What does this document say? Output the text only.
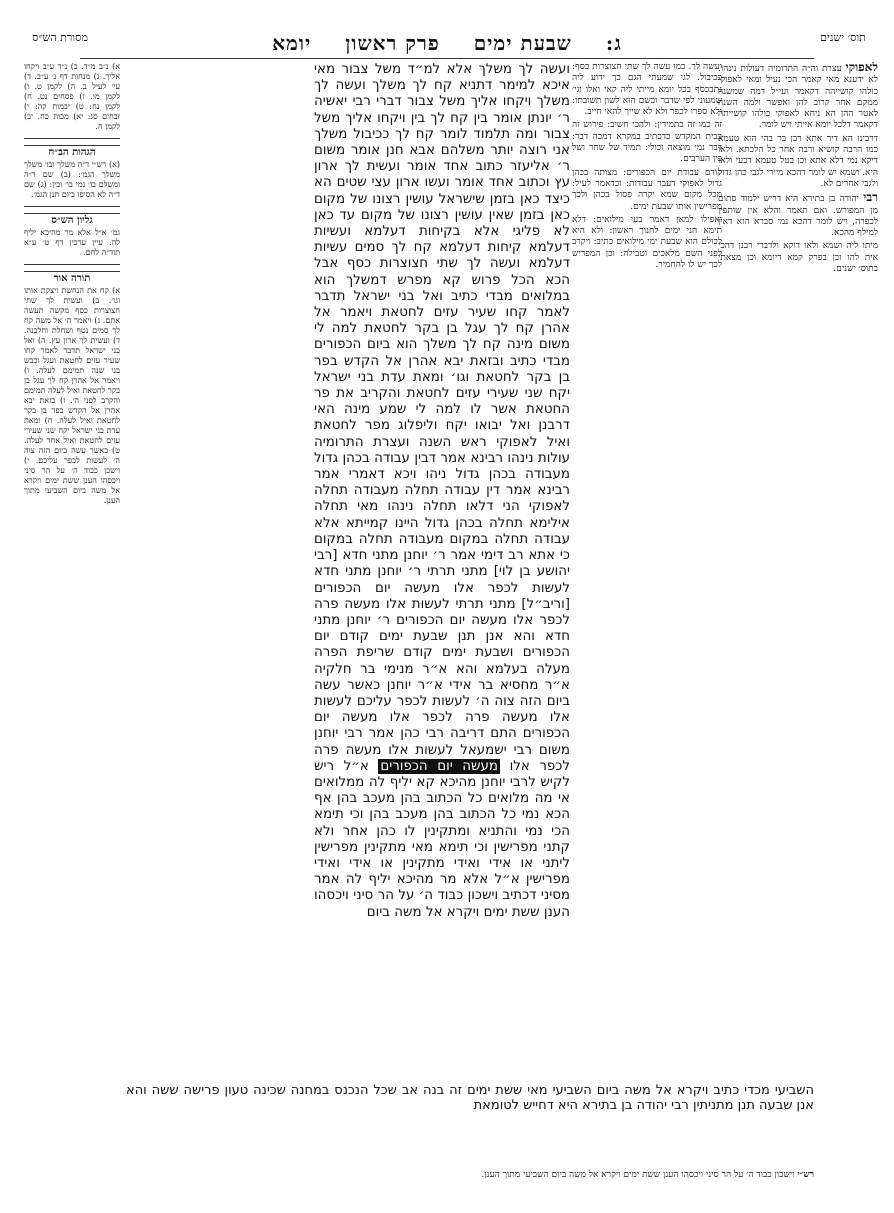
תוס׳ ישנים
ג:
שבעת ימים
פרק ראשון
יומא
מסורת הש״ס

לאפוקי עצרת וה״ה התרומיה דעולות נינהו. לא ידענא מאי קאמר הכי נעיל ומאי לאפוקי כולהו קושייהה דקאמר ועי״ל דמה שמשנה ממקם אחר קרוב להן ואפשר ולמה השנה לאטר ההן הא ניחא לאפוקי כולהו קושייתה דקאמר דלכל יומא אייתי ויש לומר.

דרבינו הא דיר אתא רבן בר בהי הוא טעמא כמו הרבה קושיא ורבה אחר כל הלכתא. ולאו דיקא נמי דלא אתא וכן בטל טעמא דבעי ולאו היא. ושמא יש לומר דהכא מיירי לגבי כהן גדול ולגבי אחרים לא.

רבי יהודה בן בתירא היא דריש ילמוד סתום מן המפורש. ואם תאמר והלא אין שותפין לכפרה, ויש לומר דהכא נמי סברא הוא דאין למילף מהכא.

מיתו ליה ושמא ולאו דוקא ולדברי רבנן דהכי אית להו וכן בפרק קמא דיומא וכן מצאתי בתוס׳ ישנים.

ועשה לך. כמו עשה לך שתי חצוצרות כסף: ככיבול. לגי שמעתי הגם כך ידוע ליה נתבכסף בכל יומא מייתי ליה קאי ואלו וגי׳ שמעוני לפי שדבר ובשם הוא לשון תשובתו: ולא ספרו לכפר ולא לא שייך להאי חייב.

זה כמו זה בתמידין: ולהכי חשיב: פירוש זה בבית המקדש כדכתיב במקרא דמכה דבר: דבר נמי מוצאה וכולי: תמיד של שחר ושל בין הערבים.

קודם עבודת יום הכפורים: מצותה בכהן גדול לאפוקי דעבר עבודות: וכדאמר לעיל: מכל מקום שמא יקרה פסול בכהן ולכך מפרישין אותו שבעת ימים.

ואפילו למאן דאמר בעי מילואים: דלא תימא הני ימים לחנוך ראשון: ולא היא לכולם הוא שבעת ימי מילואים כתיב: ויקרב לפני השם מלאכים וטבילה: וכן המפריש לכך יש לו להחמיר.

ועשה לך משלך אלא למ״ד משל צבור מאי איכא למימר דתניא קח לך משלך ועשה לך משלך ויקחו אליך משל צבור דברי רבי יאשיה ר׳ יונתן אומר בין קח לך בין ויקחו אליך משל צבור ומה תלמוד לומר קח לך ככיבול משלך אני רוצה יותר משלהם אבא חנן אומר משום ר׳ אליעזר כתוב אחד אומר ועשית לך ארון עץ וכתוב אחד אומר ועשו ארון עצי שטים הא כיצד כאן בזמן שישראל עושין רצונו של מקום כאן בזמן שאין עושין רצונו של מקום עד כאן לא פליגי אלא בקיחות דעלמא ועשיות דעלמא קיחות דעלמא קח לך סמים עשיות דעלמא ועשה לך שתי חצוצרות כסף אבל הכא הכל פרוש קא מפרש דמשלך הוא במלואים מבדי כתיב ואל בני ישראל תדבר לאמר קחו שעיר עזים לחטאת ויאמר אל אהרן קח לך עגל בן בקר לחטאת למה לי משום מינה קח לך משלך הוא ביום הכפורים מבדי כתיב ובזאת יבא אהרן אל הקדש בפר בן בקר לחטאת וגו׳ ומאת עדת בני ישראל יקח שני שעירי עזים לחטאת והקריב את פר החטאת אשר לו למה לי שמע מינה האי דרבנן ואל יבואו יקח וליפלוג מפר לחטאת ואיל לאפוקי ראש השנה ועצרת התרומיה עולות נינהו רבינא אמר דבין עבודה בכהן גדול מעבודה בכהן גדול ניהו ויכא דאמרי אמר רבינא אמר דין עבודה תחלה מעבודה תחלה לאפוקי הני דלאו תחלה נינהו מאי תחלה אילימא תחלה בכהן גדול היינו קמייתא אלא עבודה תחלה במקום מעבודה תחלה במקום כי אתא רב דימי אמר ר׳ יוחנן מתני חדא [רבי יהושע בן לוי] מתני תרתי ר׳ יוחנן מתני חדא לעשות לכפר אלו מעשה יום הכפורים [וריב״ל] מתני תרתי לעשות אלו מעשה פרה לכפר אלו מעשה יום הכפורים ר׳ יוחנן מתני חדא והא אנן תנן שבעת ימים קודם יום הכפורים ושבעת ימים קודם שריפת הפרה מעלה בעלמא והא א״ר מנימי בר חלקיה א״ר מחסיא בר אידי א״ר יוחנן כאשר עשה ביום הזה צוה ה׳ לעשות לכפר עליכם לעשות אלו מעשה פרה לכפר אלו מעשה יום הכפורים התם דריבה רבי כהן אמר רבי יוחנן משום רבי ישמעאל לעשות אלו מעשה פרה לכפר אלו מעשה יום הכפורים א״ל ריש לקיש לרבי יוחנן מהיכא קא יליף לה ממלואים אי מה מלואים כל הכתוב בהן מעכב בהן אף הכא נמי כל הכתוב בהן מעכב בהן וכי תימא הכי נמי והתניא ומתקינין לו כהן אחר ולא קתני מפרישין וכי תימא מאי מתקינין מפרישין ליתני או אידי ואידי מתקינין או אידי ואידי מפרישין א״ל אלא מר מהיכא יליף לה אמר מסיני דכתיב וישכון כבוד ה׳ על הר סיני ויכסהו הענן ששת ימים ויקרא אל משה ביום

א) נ״ב מ״ד. ב) נ״ד ע״ב ויקחו אליך. ג) מנחות דף נ׳ ע״ב. ד) עי׳ לעיל ב. ה) לקמן ט. ו) לקמן מו. ז) פסחים נט. ח) לקמן נח: ט) יבמות קה: י) זבחים סג: יא) מכות כח. יב) לקמן ח.

הגהות הב״ח

(א) רש״י ד״ה משלך ובו׳ משלך משלך הגמ׳: (ב) שם ד״ה ומשלם בו׳ נמי בו׳ ובין: (ג) שם ד״ה לא הסיפו ביום תנן הגמ׳.

גליון הש״ס

גמ׳ א״ל אלא מר מהיכא יליף לה. עיין ערכין דף ט׳ ע״א תוד״ה לחם.

תורה אור

א) קח את הנחשת ויצקת אותו וגו׳. ב) ועשית לך שתי חצוצרות כסף מקשה תעשה אתם. ג) ויאמר ה׳ אל משה קח לך סמים נטף ושחלת וחלבנה. ד) ועשית לך ארון עץ. ה) ואל בני ישראל תדבר לאמר קחו שעיר עזים לחטאת ועגל וכבש בני שנה תמימם לעלה. ו) ויאמר אל אהרן קח לך עגל בן בקר לחטאת ואיל לעלה תמימם והקרב לפני ה׳. ז) בזאת יבא אהרן אל הקדש בפר בן בקר לחטאת ואיל לעלה. ח) ומאת עדת בני ישראל יקח שני שעירי עזים לחטאת ואיל אחד לעלה. ט) כאשר עשה ביום הזה צוה ה׳ לעשות לכפר עליכם. י) וישכן כבוד ה׳ על הר סיני ויכסהו הענן ששת ימים ויקרא אל משה ביום השביעי מתוך הענן.

השביעי מכדי כתיב ויקרא אל משה ביום השביעי מאי ששת ימים זה בנה אב שכל הנכנס במחנה שכינה טעון פרישה ששה והא אנן שבעה תנן מתניתין רבי יהודה בן בתירא היא דחייש לטומאת
רש״י וישכון כבוד ה׳ על הר סיני ויכסהו הענן ששת ימים ויקרא אל משה ביום השביעי מתוך הענן.
